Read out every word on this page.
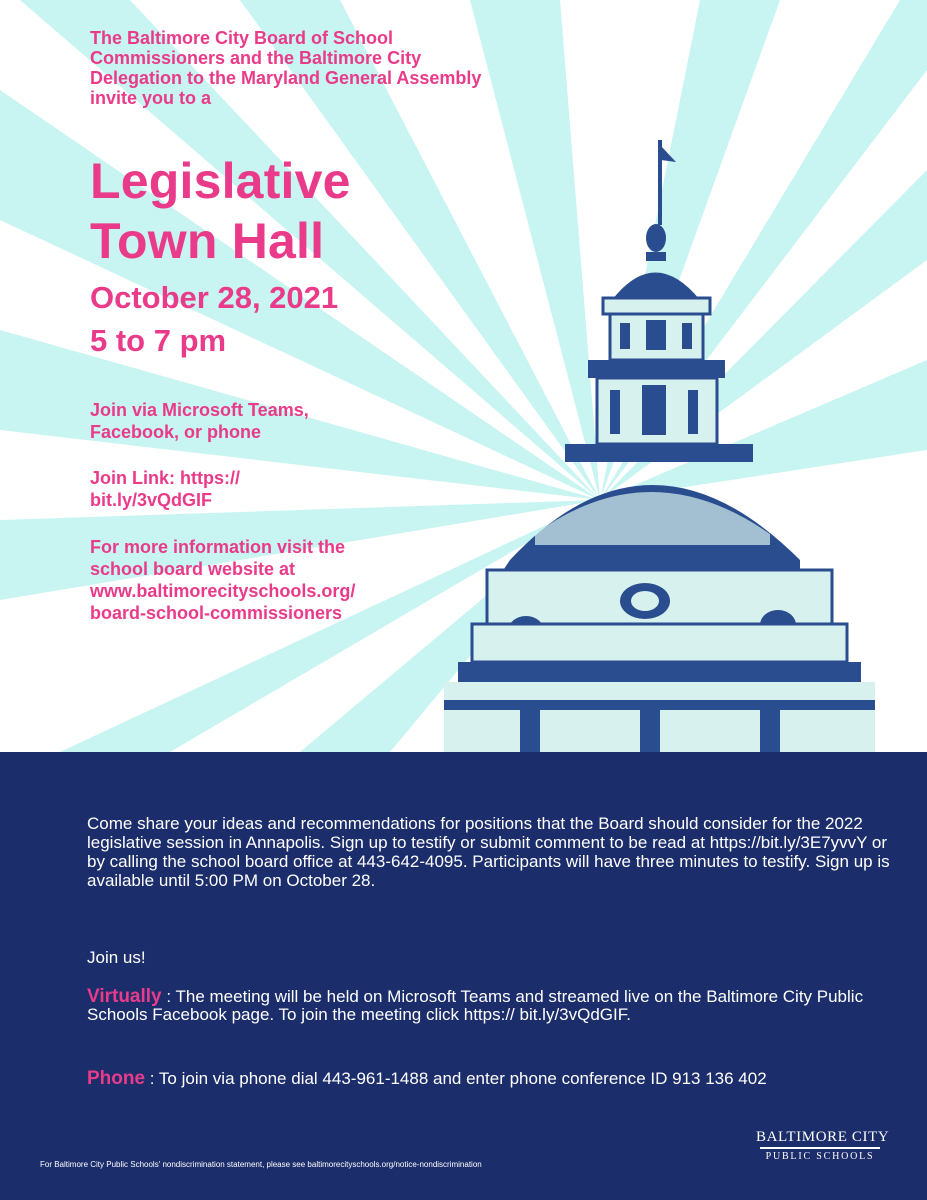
The Baltimore City Board of School Commissioners and the Baltimore City Delegation to the Maryland General Assembly invite you to a
Legislative
Town Hall
October 28, 2021
5 to 7 pm
Join via Microsoft Teams,
Facebook, or phone
Join Link: https://
bit.ly/3vQdGIF
For more information visit the
school board website at
www.baltimorecityschools.org/
board-school-commissioners
Come share your ideas and recommendations for positions that the Board should consider for the 2022 legislative session in Annapolis. Sign up to testify or submit comment to be read at https://bit.ly/3E7yvvY or by calling the school board office at 443-642-4095. Participants will have three minutes to testify. Sign up is available until 5:00 PM on October 28.
Join us!
Virtually : The meeting will be held on Microsoft Teams and streamed live on the Baltimore City Public Schools Facebook page. To join the meeting click https:// bit.ly/3vQdGIF.
Phone : To join via phone dial 443-961-1488 and enter phone conference ID 913 136 402
For Baltimore City Public Schools' nondiscrimination statement, please see baltimorecityschools.org/notice-nondiscrimination
BALTIMORE CITY
PUBLIC SCHOOLS
